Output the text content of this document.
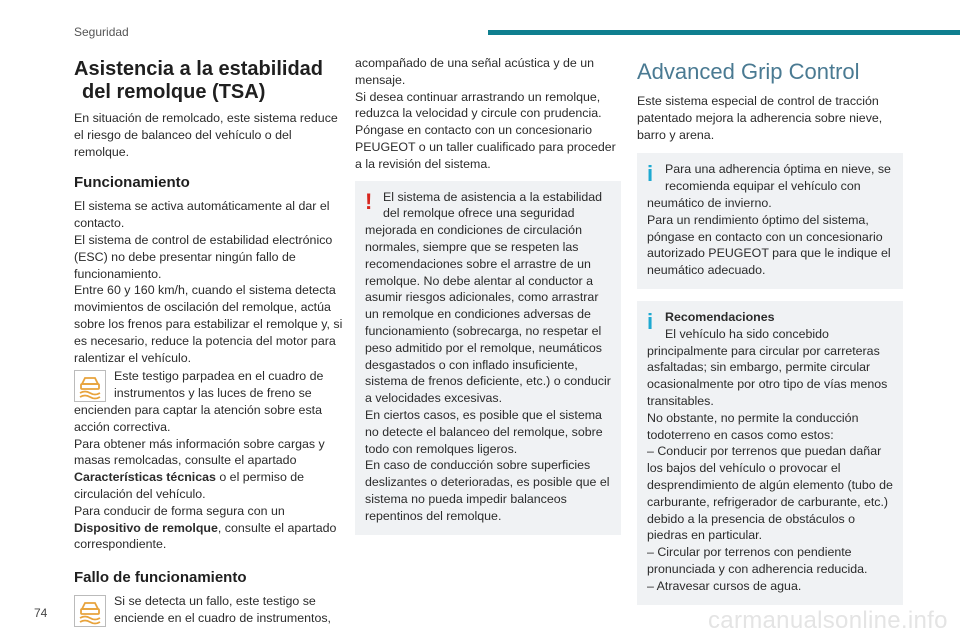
Seguridad
Asistencia a la estabilidad
del remolque (TSA)

En situación de remolcado, este sistema reduce el riesgo de balanceo del vehículo o del remolque.

Funcionamiento

El sistema se activa automáticamente al dar el contacto.

El sistema de control de estabilidad electrónico (ESC) no debe presentar ningún fallo de funcionamiento.

Entre 60 y 160 km/h, cuando el sistema detecta movimientos de oscilación del remolque, actúa sobre los frenos para estabilizar el remolque y, si es necesario, reduce la potencia del motor para ralentizar el vehículo.

Este testigo parpadea en el cuadro de instrumentos y las luces de freno se
encienden para captar la atención sobre esta acción correctiva.

Para obtener más información sobre cargas y masas remolcadas, consulte el apartado Características técnicas o el permiso de circulación del vehículo.

Para conducir de forma segura con un Dispositivo de remolque, consulte el apartado correspondiente.

Fallo de funcionamiento
Si se detecta un fallo, este testigo se enciende en el cuadro de instrumentos,

acompañado de una señal acústica y de un mensaje.

Si desea continuar arrastrando un remolque, reduzca la velocidad y circule con prudencia.

Póngase en contacto con un concesionario PEUGEOT o un taller cualificado para proceder a la revisión del sistema.

! El sistema de asistencia a la estabilidad del remolque ofrece una seguridad

mejorada en condiciones de circulación normales, siempre que se respeten las recomendaciones sobre el arrastre de un remolque. No debe alentar al conductor a asumir riesgos adicionales, como arrastrar un remolque en condiciones adversas de funcionamiento (sobrecarga, no respetar el peso admitido por el remolque, neumáticos desgastados o con inflado insuficiente, sistema de frenos deficiente, etc.) o conducir a velocidades excesivas.

En ciertos casos, es posible que el sistema no detecte el balanceo del remolque, sobre todo con remolques ligeros.

En caso de conducción sobre superficies deslizantes o deterioradas, es posible que el sistema no pueda impedir balanceos repentinos del remolque.

Advanced Grip Control

Este sistema especial de control de tracción patentado mejora la adherencia sobre nieve, barro y arena.

i Para una adherencia óptima en nieve, se recomienda equipar el vehículo con

neumático de invierno.

Para un rendimiento óptimo del sistema, póngase en contacto con un concesionario autorizado PEUGEOT para que le indique el neumático adecuado.

i Recomendaciones
El vehículo ha sido concebido

principalmente para circular por carreteras asfaltadas; sin embargo, permite circular ocasionalmente por otro tipo de vías menos transitables.

No obstante, no permite la conducción todoterreno en casos como estos:

– Conducir por terrenos que puedan dañar los bajos del vehículo o provocar el desprendimiento de algún elemento (tubo de carburante, refrigerador de carburante, etc.) debido a la presencia de obstáculos o piedras en particular.

– Circular por terrenos con pendiente pronunciada y con adherencia reducida.

– Atravesar cursos de agua.

74	carmanualsonline.info
